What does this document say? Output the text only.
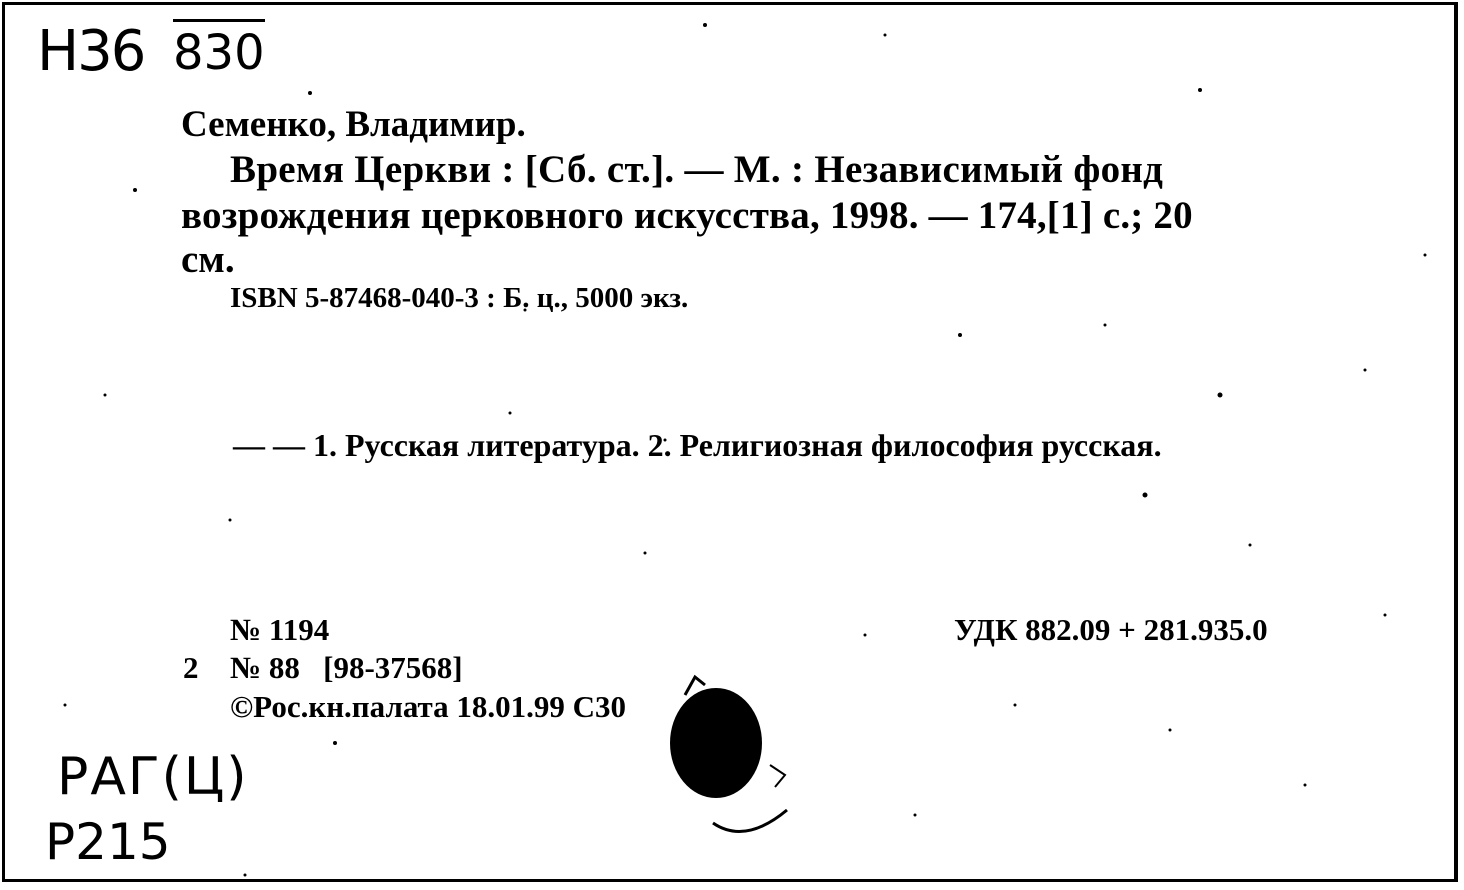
Н36 830
Семенко, Владимир.
Время Церкви : [Сб. ст.]. — М. : Независимый фонд
возрождения церковного искусства, 1998. — 174,[1] с.; 20
см.
ISBN 5-87468-040-3 : Б. ц., 5000 экз.
— — 1. Русская литература. 2. Религиозная философия русская.
№ 1194	УДК 882.09 + 281.935.0
2 № 88   [98-37568]
©Рос.кн.палата 18.01.99 С30
РАГ(Ц)
Р215
